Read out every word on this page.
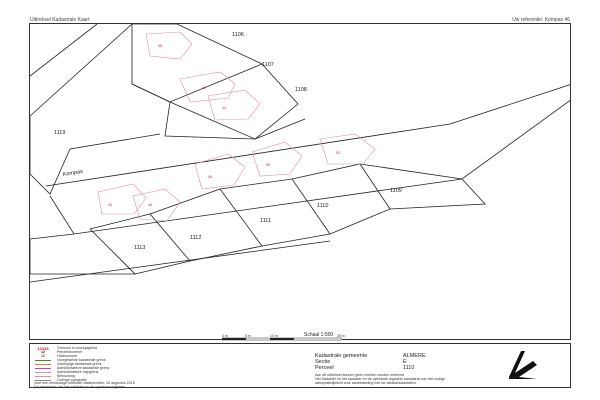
Uittreksel Kadastrale Kaart	Uw referentie: Kompas 46
38
42
44
40	46
48
50
52
1106
1107
1108
1119
1109
1110
1111
1112
1113
Kompas
0 m	5 m	10 m	25 m
Schaal 1:500
12345	Grenzen in voorlopigheid
12	Perceelnummer
12	Huisnummer
Voorgestelde kadastrale grens
Voorlopige kadastrale grens
Administratieve kadastrale grens
Administratieve hulpgrens
Bebouwing
Overige topografie
Voor een eenduidige uittreksel dataformulier, 30 augustus 2018
De bewaarder van het kadaster en de openbare registers
Kadastrale gemeente	ALMERE
Sectie	E
Perceel	1110
Aan dit uittreksel kunnen geen rechten worden ontleend
Het Kadaster en het kadaster en de openbare registers aanvaardt ook niet nodige
aansprakelijkheid voor aanbesteding met de databankaantallen
